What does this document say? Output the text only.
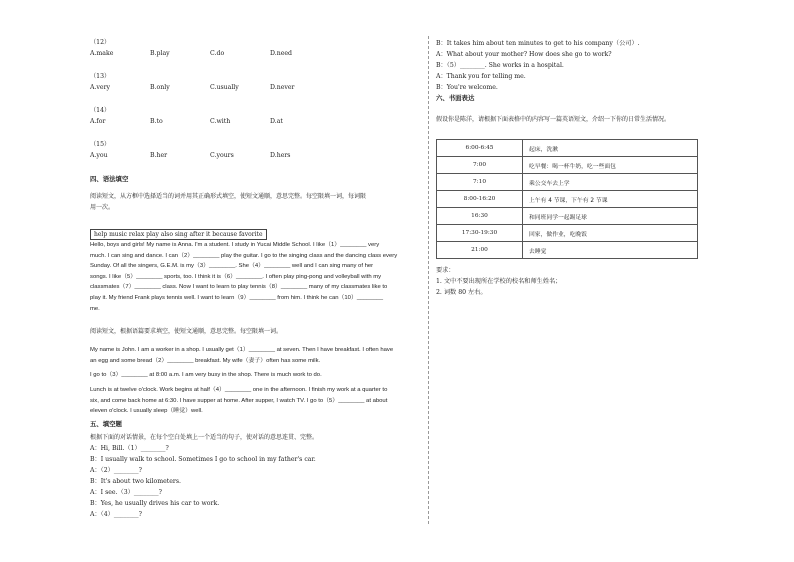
（12）
A.make	B.play	C.do	D.need
（13）
A.very	B.only	C.usually	D.never
（14）
A.for	B.to	C.with	D.at
（15）
A.you	B.her	C.yours	D.hers
四、语法填空
阅读短文，从方框中选择适当的词并用其正确形式填空，使短文通顺，意思完整。每空限填一词，每词限
用一次。
help music relax play also sing after it because favorite
Hello, boys and girls! My name is Anna. I'm a student. I study in Yucai Middle School. I like（1）________ very
much. I can sing and dance. I can（2）________ play the guitar. I go to the singing class and the dancing class every
Sunday. Of all the singers, G.E.M. is my（3）________. She（4）________ well and I can sing many of her
songs. I like（5）________ sports, too. I think it is（6）________. I often play ping-pong and volleyball with my
classmates（7）________ class. Now I want to learn to play tennis（8）________ many of my classmates like to
play it. My friend Frank plays tennis well. I want to learn（9）________ from him. I think he can（10）________
me.
阅读短文，根据语篇要求填空，使短文通顺，意思完整。每空限填一词。
My name is John. I am a worker in a shop. I usually get（1）________ at seven. Then I have breakfast. I often have
an egg and some bread（2）________ breakfast. My wife（妻子）often has some milk.
I go to（3）________ at 8:00 a.m. I am very busy in the shop. There is much work to do.
Lunch is at twelve o'clock. Work begins at half（4）________ one in the afternoon. I finish my work at a quarter to
six, and come back home at 6:30. I have supper at home. After supper, I watch TV. I go to（5）________ at about
eleven o'clock. I usually sleep（睡觉）well.
五、填空题
根据下面的对话情景，在每个空白处填上一个适当的句子，使对话的意思连贯、完整。
A：Hi, Bill.（1）________?
B：I usually walk to school. Sometimes I go to school in my father's car.
A：（2）________?
B：It's about two kilometers.
A：I see.（3）________?
B：Yes, he usually drives his car to work.
A：（4）________?
B：It takes him about ten minutes to get to his company（公司）.
A：What about your mother? How does she go to work?
B：（5）________. She works in a hospital.
A：Thank you for telling me.
B：You're welcome.
六、书面表达
假设你是陈洋，请根据下面表格中的内容写一篇英语短文，介绍一下你的日常生活情况。
6:00-6:45	起床，洗漱
7:00	吃早餐：喝一杯牛奶，吃一些面包
7:10	乘公交车去上学
8:00-16:20	上午有 4 节课，下午有 2 节课
16:30	和同班同学一起踢足球
17:30-19:30	回家，做作业，吃晚饭
21:00	去睡觉
要求：
1. 文中不要出现所在学校的校名和师生姓名；
2. 词数 80 左右。
